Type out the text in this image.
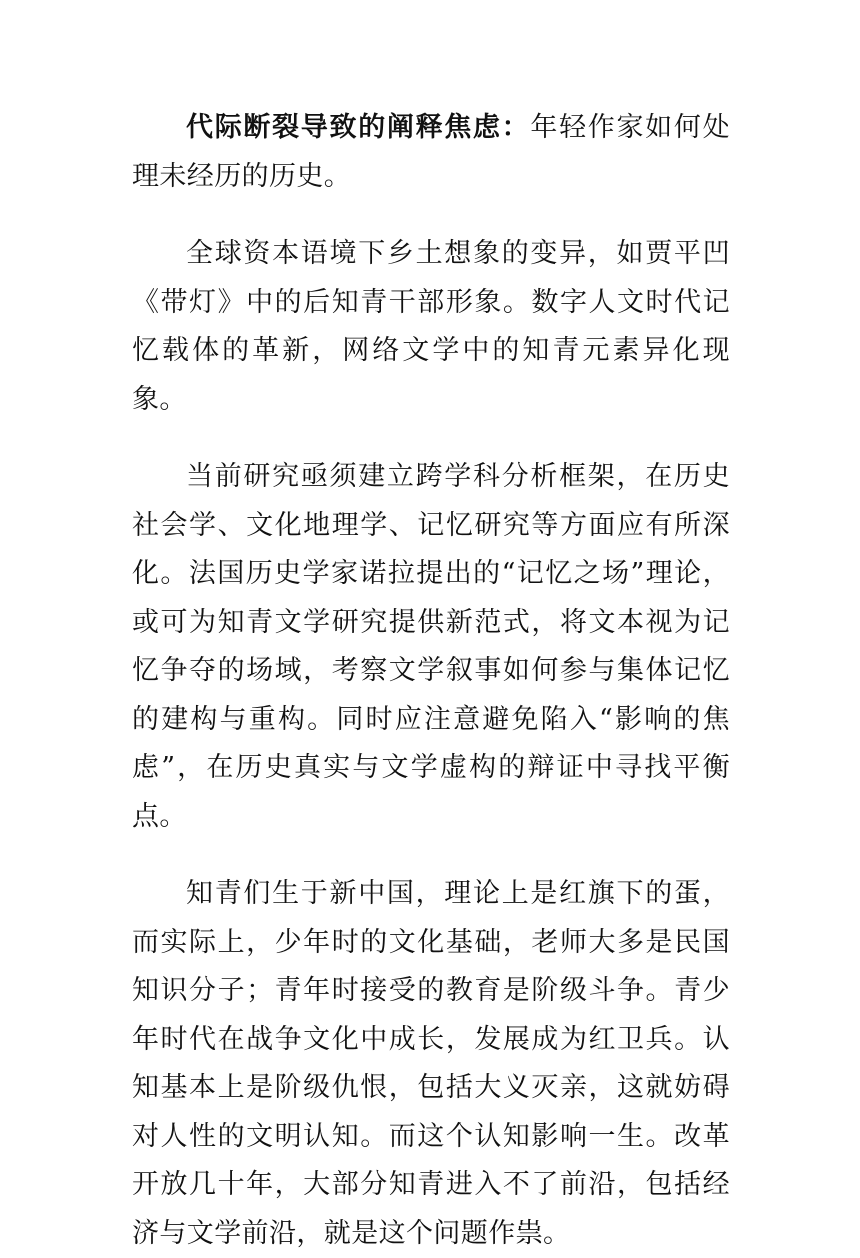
代际断裂导致的阐释焦虑：年轻作家如何处理未经历的历史。

全球资本语境下乡土想象的变异，如贾平凹《带灯》中的后知青干部形象。数字人文时代记忆载体的革新，网络文学中的知青元素异化现象。

当前研究亟须建立跨学科分析框架，在历史社会学、文化地理学、记忆研究等方面应有所深化。法国历史学家诺拉提出的“记忆之场”理论，或可为知青文学研究提供新范式，将文本视为记忆争夺的场域，考察文学叙事如何参与集体记忆的建构与重构。同时应注意避免陷入“影响的焦虑”，在历史真实与文学虚构的辩证中寻找平衡点。

知青们生于新中国，理论上是红旗下的蛋，而实际上，少年时的文化基础，老师大多是民国知识分子；青年时接受的教育是阶级斗争。青少年时代在战争文化中成长，发展成为红卫兵。认知基本上是阶级仇恨，包括大义灭亲，这就妨碍对人性的文明认知。而这个认知影响一生。改革开放几十年，大部分知青进入不了前沿，包括经济与文学前沿，就是这个问题作祟。
